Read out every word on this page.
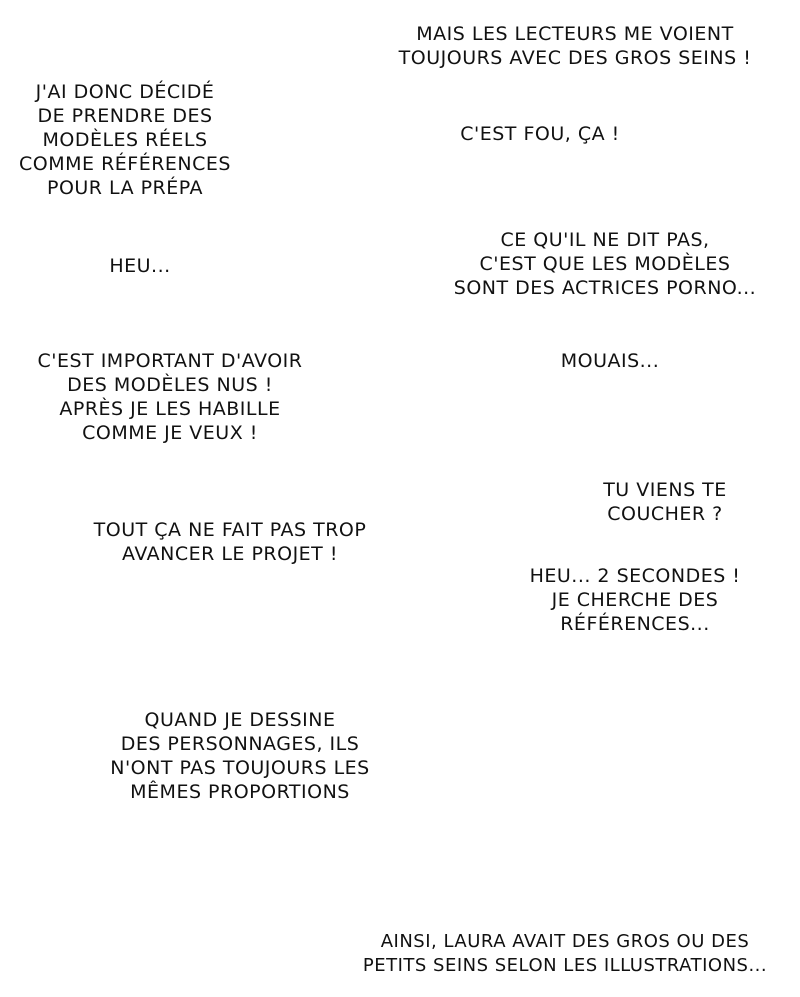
MAIS LES LECTEURS ME VOIENT
TOUJOURS AVEC DES GROS SEINS !
J'AI DONC DÉCIDÉ
DE PRENDRE DES
MODÈLES RÉELS
COMME RÉFÉRENCES
POUR LA PRÉPA
C'EST FOU, ÇA !
HEU...
CE QU'IL NE DIT PAS,
C'EST QUE LES MODÈLES
SONT DES ACTRICES PORNO...
C'EST IMPORTANT D'AVOIR
DES MODÈLES NUS !
APRÈS JE LES HABILLE
COMME JE VEUX !
MOUAIS...
TU VIENS TE
COUCHER ?
TOUT ÇA NE FAIT PAS TROP
AVANCER LE PROJET !
HEU... 2 SECONDES !
JE CHERCHE DES
RÉFÉRENCES...
QUAND JE DESSINE
DES PERSONNAGES, ILS
N'ONT PAS TOUJOURS LES
MÊMES PROPORTIONS
AINSI, LAURA AVAIT DES GROS OU DES
PETITS SEINS SELON LES ILLUSTRATIONS...
